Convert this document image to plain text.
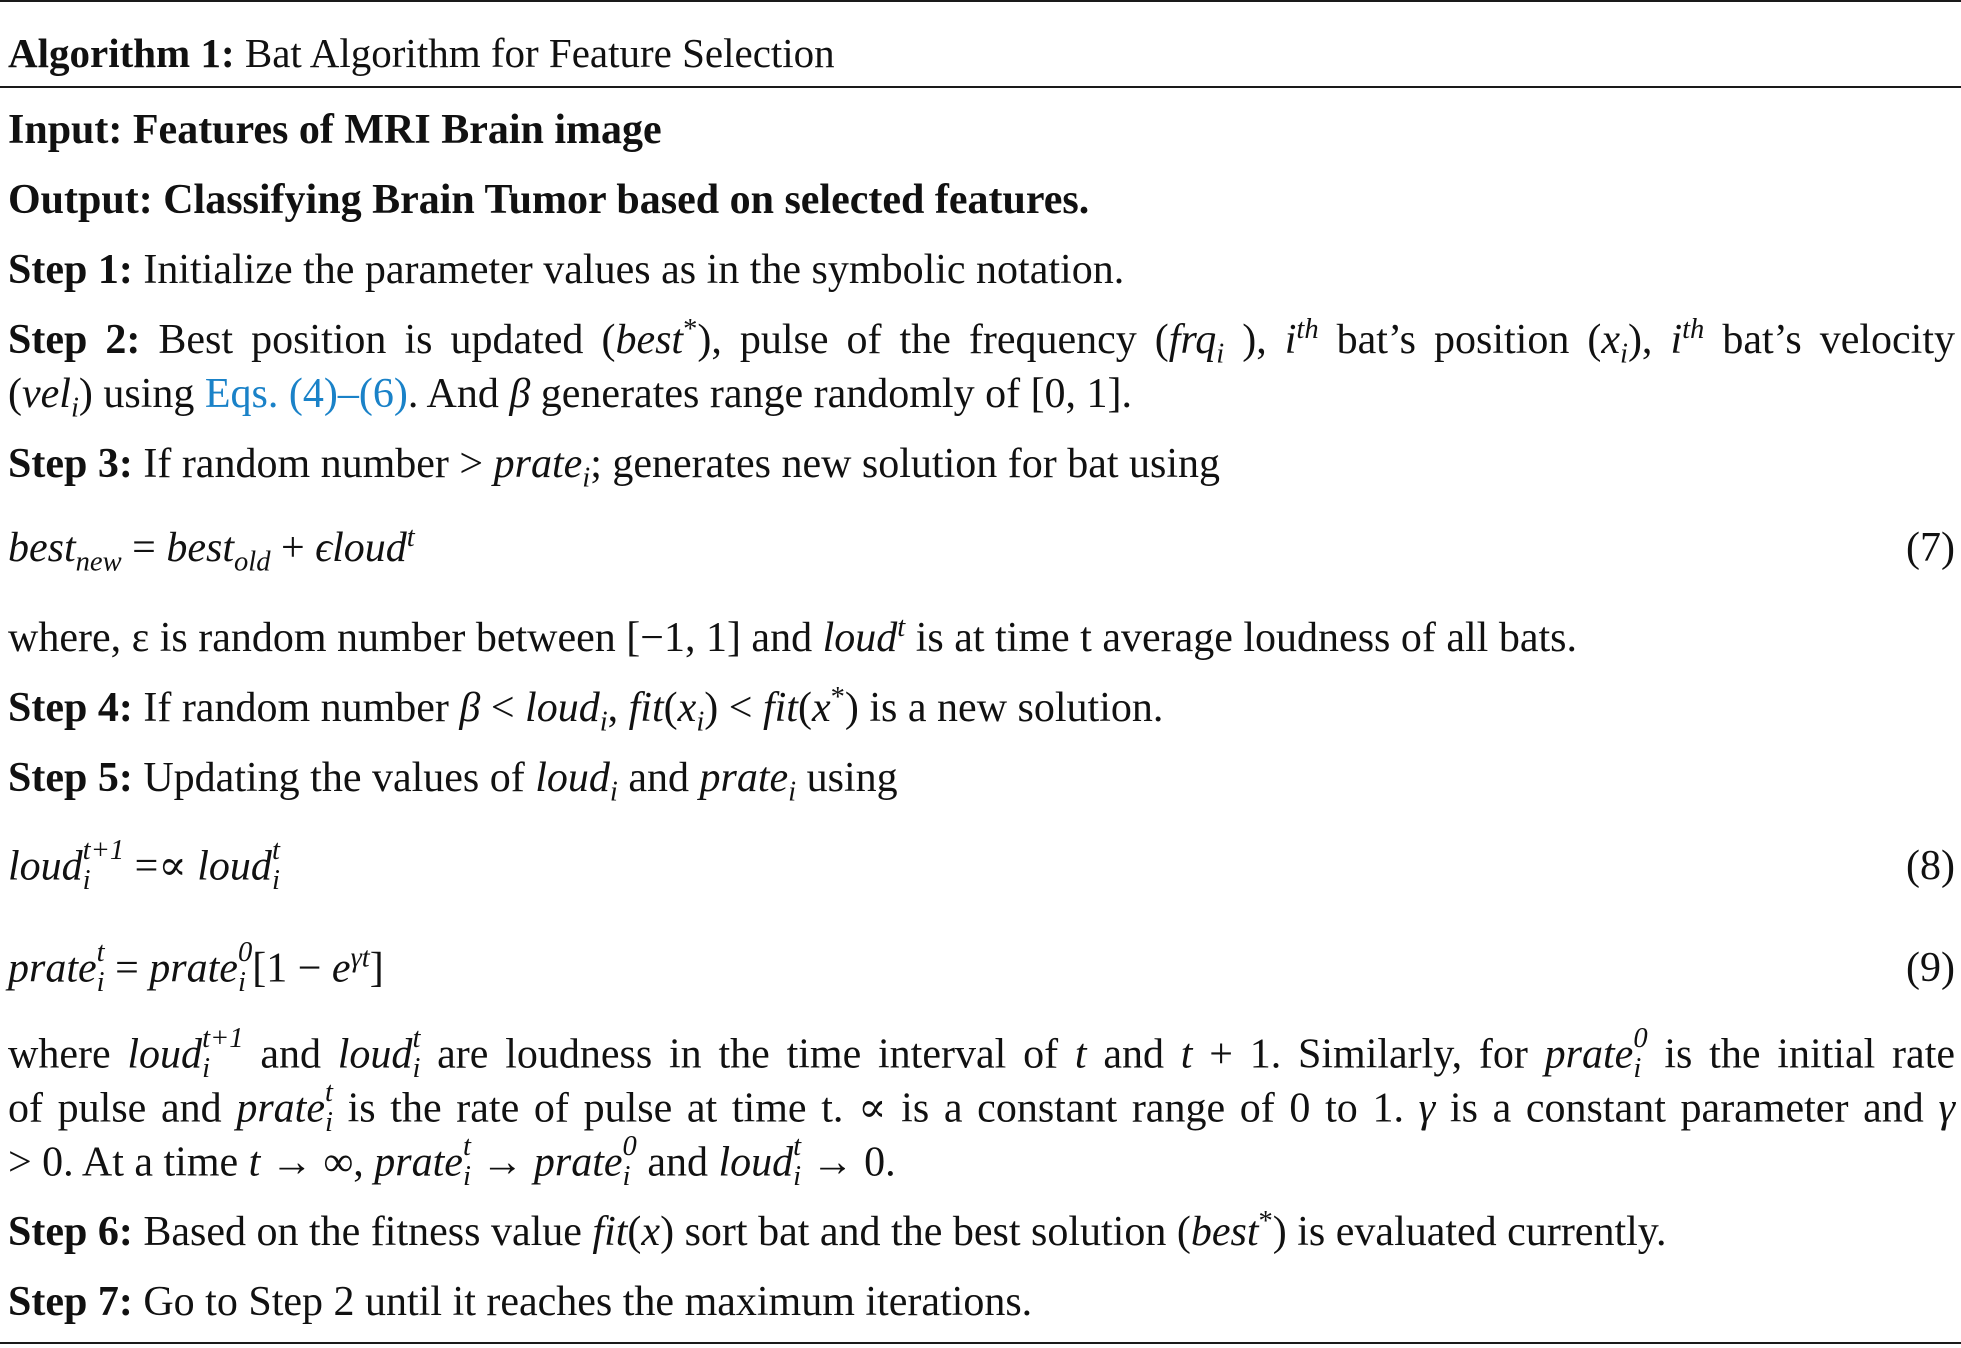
Algorithm 1: Bat Algorithm for Feature Selection
Input: Features of MRI Brain image
Output: Classifying Brain Tumor based on selected features.
Step 1: Initialize the parameter values as in the symbolic notation.
Step 2: Best position is updated (best*), pulse of the frequency (frq$_i$ ), $i^{th}$ bat’s position $(x_i)$, $i^{th}$ bat’s velocity
(vel$_i$) using Eqs. (4)–(6). And β generates range randomly of [0, 1].
Step 3: If random number > prate$_i$; generates new solution for bat using
best$_{new}$ = best$_{old}$ + ϵloud$^t$	(7)
where, ε is random number between [−1, 1] and loud$^t$ is at time t average loudness of all bats.
Step 4: If random number β < loud$_i$, $fit(x_i) < fit(x^*)$ is a new solution.
Step 5: Updating the values of loud$_i$ and prate$_i$ using
loud t+1
i =∝ loud t
i	(8)
prate t
i = prate 0
i $[1 - e^{\gamma t}]$	(9)
where loud t+1
i and loud t
i are loudness in the time interval of t and t + 1. Similarly, for prate 0
i is the initial rate
of pulse and prate t
i is the rate of pulse at time t. ∝ is a constant range of 0 to 1. γ is a constant parameter and γ
> 0. At a time t → ∞, prate t
i → prate 0
i and loud t
i → 0.
Step 6: Based on the fitness value fit(x) sort bat and the best solution (best*) is evaluated currently.
Step 7: Go to Step 2 until it reaches the maximum iterations.
